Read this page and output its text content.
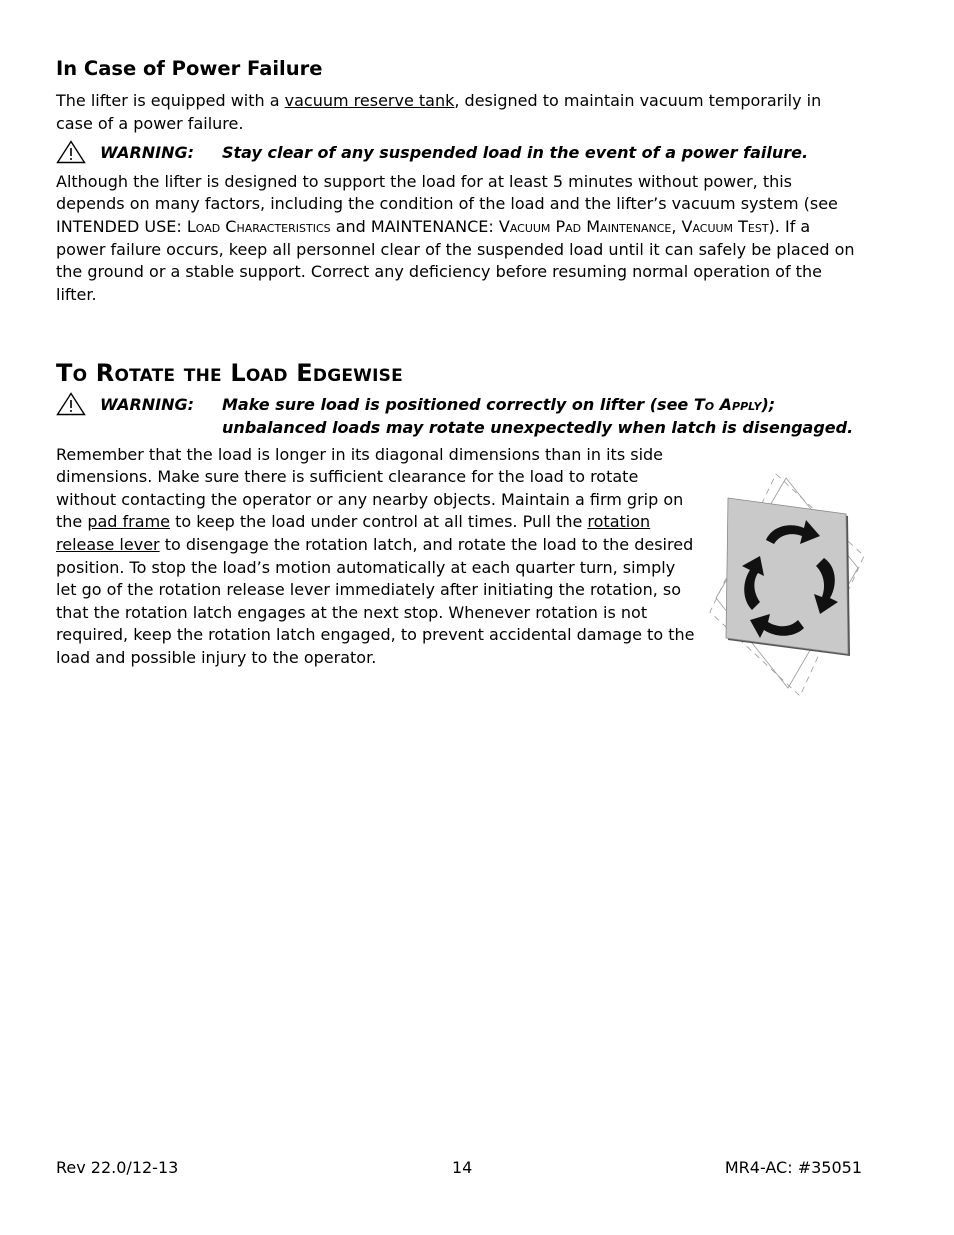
In Case of Power Failure

The lifter is equipped with a vacuum reserve tank, designed to maintain vacuum temporarily in case of a power failure.

WARNING:	Stay clear of any suspended load in the event of a power failure.

Although the lifter is designed to support the load for at least 5 minutes without power, this depends on many factors, including the condition of the load and the lifter’s vacuum system (see INTENDED USE: Load Characteristics and MAINTENANCE: Vacuum Pad Maintenance, Vacuum Test). If a power failure occurs, keep all personnel clear of the suspended load until it can safely be placed on the ground or a stable support. Correct any deficiency before resuming normal operation of the lifter.

To Rotate the Load Edgewise
WARNING:	Make sure load is positioned correctly on lifter (see To Apply); unbalanced loads may rotate unexpectedly when latch is disengaged.

Remember that the load is longer in its diagonal dimensions than in its side dimensions. Make sure there is sufficient clearance for the load to rotate without contacting the operator or any nearby objects. Maintain a firm grip on the pad frame to keep the load under control at all times. Pull the rotation release lever to disengage the rotation latch, and rotate the load to the desired position. To stop the load’s motion automatically at each quarter turn, simply let go of the rotation release lever immediately after initiating the rotation, so that the rotation latch engages at the next stop. Whenever rotation is not required, keep the rotation latch engaged, to prevent accidental damage to the load and possible injury to the operator.

Rev 22.0/12-13	14	MR4-AC: #35051
